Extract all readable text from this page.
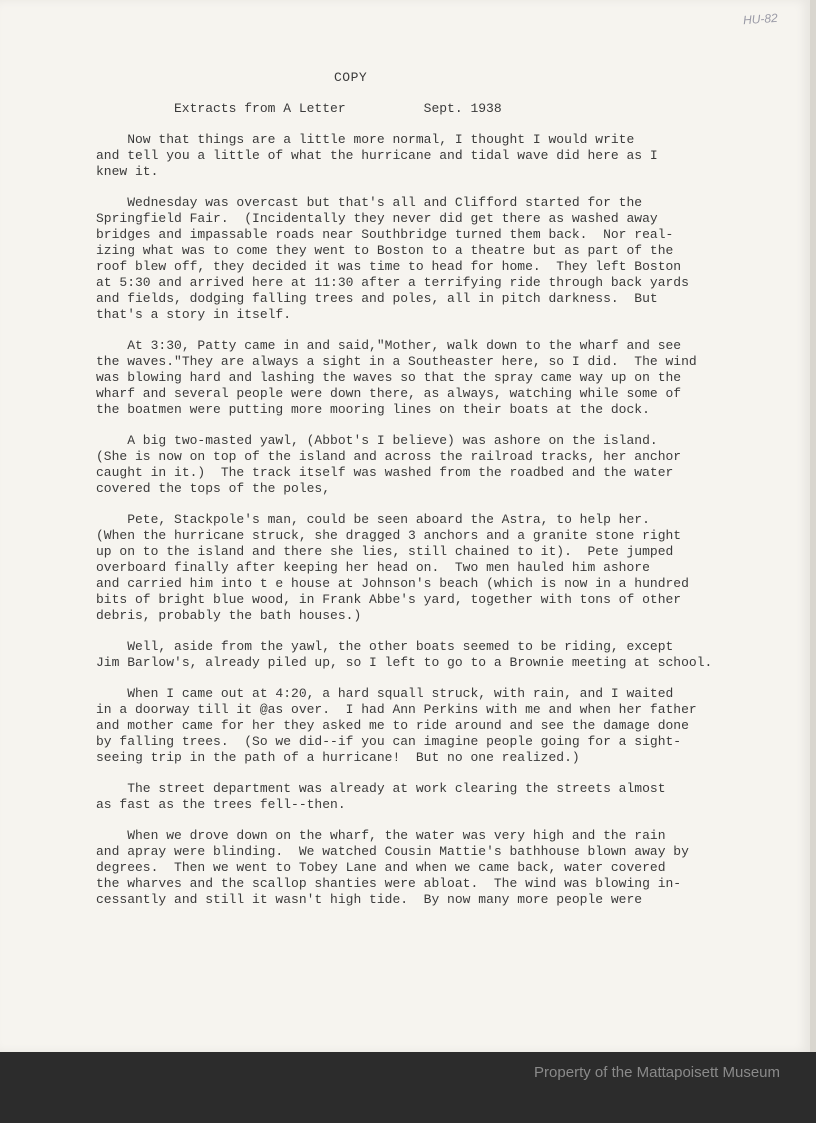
HU-82
COPY
Extracts from A Letter          Sept. 1938
Now that things are a little more normal, I thought I would write
and tell you a little of what the hurricane and tidal wave did here as I
knew it.
Wednesday was overcast but that's all and Clifford started for the
Springfield Fair.  (Incidentally they never did get there as washed away
bridges and impassable roads near Southbridge turned them back.  Nor real-
izing what was to come they went to Boston to a theatre but as part of the
roof blew off, they decided it was time to head for home.  They left Boston
at 5:30 and arrived here at 11:30 after a terrifying ride through back yards
and fields, dodging falling trees and poles, all in pitch darkness.  But
that's a story in itself.
At 3:30, Patty came in and said,"Mother, walk down to the wharf and see
the waves."They are always a sight in a Southeaster here, so I did.  The wind
was blowing hard and lashing the waves so that the spray came way up on the
wharf and several people were down there, as always, watching while some of
the boatmen were putting more mooring lines on their boats at the dock.
A big two-masted yawl, (Abbot's I believe) was ashore on the island.
(She is now on top of the island and across the railroad tracks, her anchor
caught in it.)  The track itself was washed from the roadbed and the water
covered the tops of the poles,
Pete, Stackpole's man, could be seen aboard the Astra, to help her.
(When the hurricane struck, she dragged 3 anchors and a granite stone right
up on to the island and there she lies, still chained to it).  Pete jumped
overboard finally after keeping her head on.  Two men hauled him ashore
and carried him into t e house at Johnson's beach (which is now in a hundred
bits of bright blue wood, in Frank Abbe's yard, together with tons of other
debris, probably the bath houses.)
Well, aside from the yawl, the other boats seemed to be riding, except
Jim Barlow's, already piled up, so I left to go to a Brownie meeting at school.
When I came out at 4:20, a hard squall struck, with rain, and I waited
in a doorway till it @as over.  I had Ann Perkins with me and when her father
and mother came for her they asked me to ride around and see the damage done
by falling trees.  (So we did--if you can imagine people going for a sight-
seeing trip in the path of a hurricane!  But no one realized.)
The street department was already at work clearing the streets almost
as fast as the trees fell--then.
When we drove down on the wharf, the water was very high and the rain
and apray were blinding.  We watched Cousin Mattie's bathhouse blown away by
degrees.  Then we went to Tobey Lane and when we came back, water covered
the wharves and the scallop shanties were abloat.  The wind was blowing in-
cessantly and still it wasn't high tide.  By now many more people were
Property of the Mattapoisett Museum
